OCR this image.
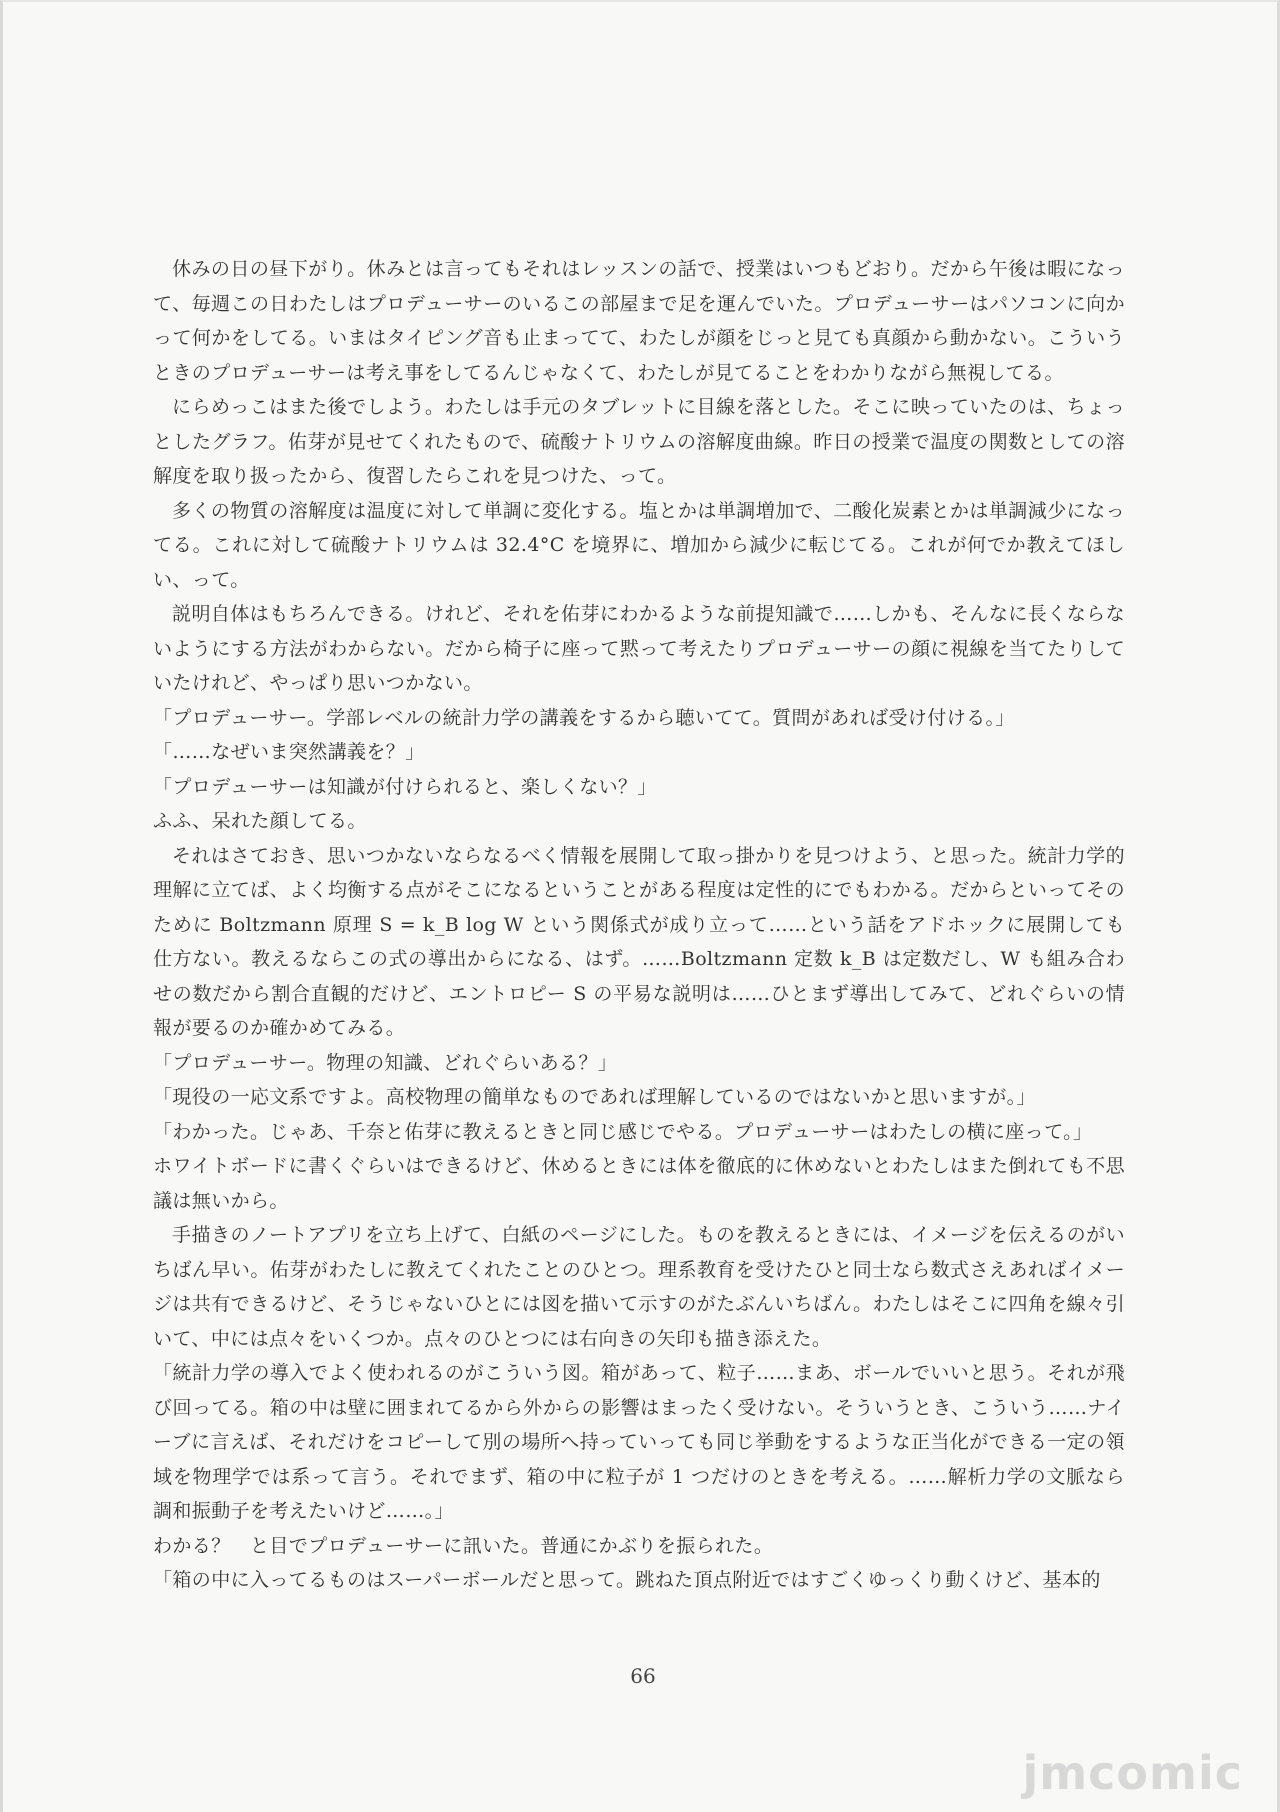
休みの日の昼下がり。休みとは言ってもそれはレッスンの話で、授業はいつもどおり。だから午後は暇になって、毎週この日わたしはプロデューサーのいるこの部屋まで足を運んでいた。プロデューサーはパソコンに向かって何かをしてる。いまはタイピング音も止まってて、わたしが顔をじっと見ても真顔から動かない。こういうときのプロデューサーは考え事をしてるんじゃなくて、わたしが見てることをわかりながら無視してる。

にらめっこはまた後でしよう。わたしは手元のタブレットに目線を落とした。そこに映っていたのは、ちょっとしたグラフ。佑芽が見せてくれたもので、硫酸ナトリウムの溶解度曲線。昨日の授業で温度の関数としての溶解度を取り扱ったから、復習したらこれを見つけた、って。

多くの物質の溶解度は温度に対して単調に変化する。塩とかは単調増加で、二酸化炭素とかは単調減少になってる。これに対して硫酸ナトリウムは 32.4°C を境界に、増加から減少に転じてる。これが何でか教えてほしい、って。

説明自体はもちろんできる。けれど、それを佑芽にわかるような前提知識で……しかも、そんなに長くならないようにする方法がわからない。だから椅子に座って黙って考えたりプロデューサーの顔に視線を当てたりしていたけれど、やっぱり思いつかない。

「プロデューサー。学部レベルの統計力学の講義をするから聴いてて。質問があれば受け付ける。」

「……なぜいま突然講義を？」

「プロデューサーは知識が付けられると、楽しくない？」

ふふ、呆れた顔してる。

それはさておき、思いつかないならなるべく情報を展開して取っ掛かりを見つけよう、と思った。統計力学的理解に立てば、よく均衡する点がそこになるということがある程度は定性的にでもわかる。だからといってそのために Boltzmann 原理 S = k_B log W という関係式が成り立って……という話をアドホックに展開しても仕方ない。教えるならこの式の導出からになる、はず。……Boltzmann 定数 k_B は定数だし、W も組み合わせの数だから割合直観的だけど、エントロピー S の平易な説明は……ひとまず導出してみて、どれぐらいの情報が要るのか確かめてみる。

「プロデューサー。物理の知識、どれぐらいある？」

「現役の一応文系ですよ。高校物理の簡単なものであれば理解しているのではないかと思いますが。」

「わかった。じゃあ、千奈と佑芽に教えるときと同じ感じでやる。プロデューサーはわたしの横に座って。」

ホワイトボードに書くぐらいはできるけど、休めるときには体を徹底的に休めないとわたしはまた倒れても不思議は無いから。

手描きのノートアプリを立ち上げて、白紙のページにした。ものを教えるときには、イメージを伝えるのがいちばん早い。佑芽がわたしに教えてくれたことのひとつ。理系教育を受けたひと同士なら数式さえあればイメージは共有できるけど、そうじゃないひとには図を描いて示すのがたぶんいちばん。わたしはそこに四角を線々引いて、中には点々をいくつか。点々のひとつには右向きの矢印も描き添えた。

「統計力学の導入でよく使われるのがこういう図。箱があって、粒子……まあ、ボールでいいと思う。それが飛び回ってる。箱の中は壁に囲まれてるから外からの影響はまったく受けない。そういうとき、こういう……ナイーブに言えば、それだけをコピーして別の場所へ持っていっても同じ挙動をするような正当化ができる一定の領域を物理学では系って言う。それでまず、箱の中に粒子が 1 つだけのときを考える。……解析力学の文脈なら調和振動子を考えたいけど……。」

わかる？　と目でプロデューサーに訊いた。普通にかぶりを振られた。

「箱の中に入ってるものはスーパーボールだと思って。跳ねた頂点附近ではすごくゆっくり動くけど、基本的

66
jmcomic
